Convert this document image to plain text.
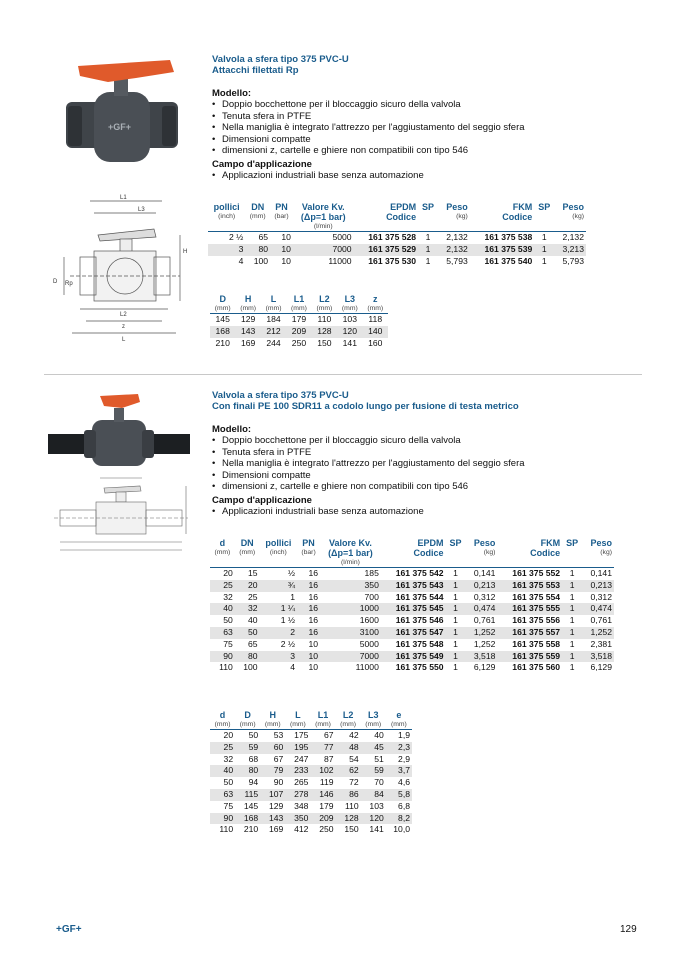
+GF+
L1
L3
H
D Rp
L2
z
L
Valvola a sfera tipo 375 PVC-U
Attacchi filettati Rp
Modello:
• Doppio bocchettone per il bloccaggio sicuro della valvola
• Tenuta sfera in PTFE
• Nella maniglia è integrato l'attrezzo per l'aggiustamento del seggio sfera
• Dimensioni compatte
• dimensioni z, cartelle e ghiere non compatibili con tipo 546
Campo d'applicazione
• Applicazioni industriali base senza automazione
pollici	DN	PN	Valore Kv.	EPDM	SP	Peso	FKM	SP	Peso
(inch)	(mm)	(bar)	(Δp=1 bar)	Codice		(kg)	Codice		(kg)
			(l/min)						
2 ½	65	10	5000	161 375 528	1	2,132	161 375 538	1	2,132
3	80	10	7000	161 375 529	1	2,132	161 375 539	1	3,213
4	100	10	11000	161 375 530	1	5,793	161 375 540	1	5,793
D	H	L	L1	L2	L3	z
(mm)	(mm)	(mm)	(mm)	(mm)	(mm)	(mm)
145	129	184	179	110	103	118
168	143	212	209	128	120	140
210	169	244	250	150	141	160
Valvola a sfera tipo 375 PVC-U
Con finali PE 100 SDR11 a codolo lungo per fusione di testa metrico
Modello:
• Doppio bocchettone per il bloccaggio sicuro della valvola
• Tenuta sfera in PTFE
• Nella maniglia è integrato l'attrezzo per l'aggiustamento del seggio sfera
• Dimensioni compatte
• dimensioni z, cartelle e ghiere non compatibili con tipo 546
Campo d'applicazione
• Applicazioni industriali base senza automazione
d	DN	pollici	PN	Valore Kv.	EPDM	SP	Peso	FKM	SP	Peso
(mm)	(mm)	(inch)	(bar)	(Δp=1 bar)	Codice		(kg)	Codice		(kg)
				(l/min)						
20	15	½	16	185	161 375 542	1	0,141	161 375 552	1	0,141
25	20	¾	16	350	161 375 543	1	0,213	161 375 553	1	0,213
32	25	1	16	700	161 375 544	1	0,312	161 375 554	1	0,312
40	32	1 ¼	16	1000	161 375 545	1	0,474	161 375 555	1	0,474
50	40	1 ½	16	1600	161 375 546	1	0,761	161 375 556	1	0,761
63	50	2	16	3100	161 375 547	1	1,252	161 375 557	1	1,252
75	65	2 ½	10	5000	161 375 548	1	1,252	161 375 558	1	2,381
90	80	3	10	7000	161 375 549	1	3,518	161 375 559	1	3,518
110	100	4	10	11000	161 375 550	1	6,129	161 375 560	1	6,129
d	D	H	L	L1	L2	L3	e
(mm)	(mm)	(mm)	(mm)	(mm)	(mm)	(mm)	(mm)
20	50	53	175	67	42	40	1,9
25	59	60	195	77	48	45	2,3
32	68	67	247	87	54	51	2,9
40	80	79	233	102	62	59	3,7
50	94	90	265	119	72	70	4,6
63	115	107	278	146	86	84	5,8
75	145	129	348	179	110	103	6,8
90	168	143	350	209	128	120	8,2
110	210	169	412	250	150	141	10,0
+GF+	129
